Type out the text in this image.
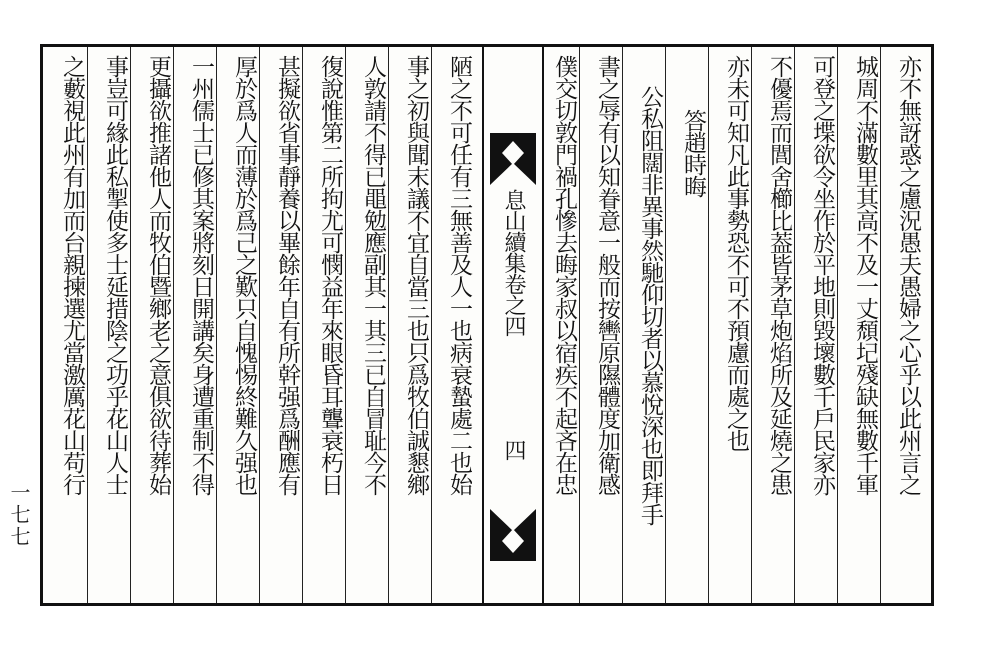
一七七
亦不無訝惑之慮況愚夫愚婦之心乎以此州言之
城周不滿數里其高不及一丈頹圮殘缺無數千軍
可登之堞欲令坐作於平地則毀壞數千戶民家亦
不優焉而閭舍櫛比葢皆茅草炮焰所及延燒之患
亦未可知凡此事勢恐不可不預慮而處之也
答趙時晦
公私阻闊非異事然馳仰切者以慕悅深也即拜手
書之辱有以知眷意一般而按轡原隰體度加衛感
僕交切敦門禍孔慘去晦家叔以宿疾不起吝在忠
息山續集卷之四
四
陋之不可任有三無善及人一也病衰蟄處二也始
事之初與聞末議不宜自當三也只爲牧伯誠懇鄉
人敦請不得已黽勉應副其一其三已自冒耻今不
復說惟第二所拘尤可憫益年來眼昏耳聾衰朽日
甚擬欲省事靜養以畢餘年自有所幹强爲酬應有
厚於爲人而薄於爲己之歎只自愧惕終難久强也
一州儒士已修其案將刻日開講矣身遭重制不得
更攝欲推諸他人而牧伯暨鄉老之意俱欲待葬始
事豈可緣此私掣使多士延措陰之功乎花山人士
之藪視此州有加而台親揀選尤當激厲花山苟行
